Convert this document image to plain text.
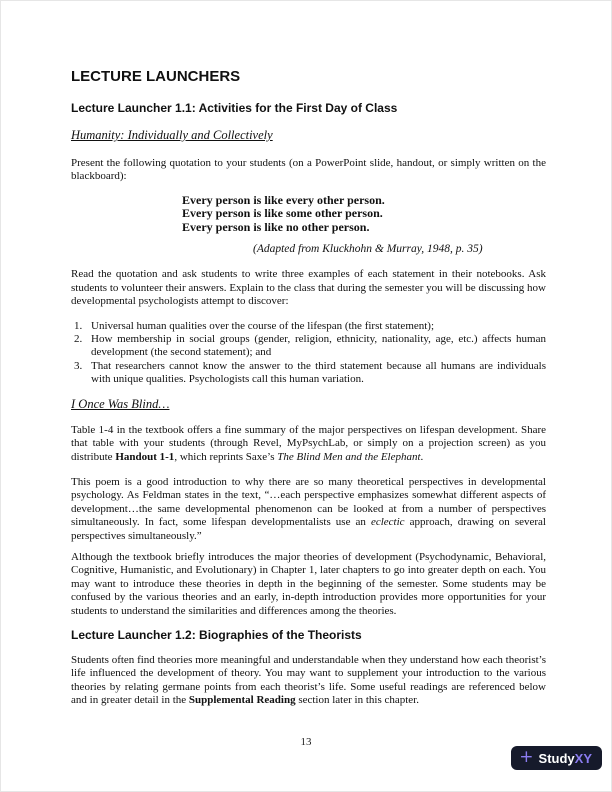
LECTURE LAUNCHERS
Lecture Launcher 1.1: Activities for the First Day of Class
Humanity: Individually and Collectively
Present the following quotation to your students (on a PowerPoint slide, handout, or simply written on the blackboard):
Every person is like every other person.
Every person is like some other person.
Every person is like no other person.
(Adapted from Kluckhohn & Murray, 1948, p. 35)
Read the quotation and ask students to write three examples of each statement in their notebooks. Ask students to volunteer their answers. Explain to the class that during the semester you will be discussing how developmental psychologists attempt to discover:
1. Universal human qualities over the course of the lifespan (the first statement);
2. How membership in social groups (gender, religion, ethnicity, nationality, age, etc.) affects human development (the second statement); and
3. That researchers cannot know the answer to the third statement because all humans are individuals with unique qualities. Psychologists call this human variation.
I Once Was Blind…
Table 1-4 in the textbook offers a fine summary of the major perspectives on lifespan development. Share that table with your students (through Revel, MyPsychLab, or simply on a projection screen) as you distribute Handout 1-1, which reprints Saxe’s The Blind Men and the Elephant.
This poem is a good introduction to why there are so many theoretical perspectives in developmental psychology. As Feldman states in the text, “…each perspective emphasizes somewhat different aspects of development…the same developmental phenomenon can be looked at from a number of perspectives simultaneously. In fact, some lifespan developmentalists use an eclectic approach, drawing on several perspectives simultaneously.”
Although the textbook briefly introduces the major theories of development (Psychodynamic, Behavioral, Cognitive, Humanistic, and Evolutionary) in Chapter 1, later chapters to go into greater depth on each. You may want to introduce these theories in depth in the beginning of the semester. Some students may be confused by the various theories and an early, in-depth introduction provides more opportunities for your students to understand the similarities and differences among the theories.
Lecture Launcher 1.2: Biographies of the Theorists
Students often find theories more meaningful and understandable when they understand how each theorist’s life influenced the development of theory. You may want to supplement your introduction to the various theories by relating germane points from each theorist’s life. Some useful readings are referenced below and in greater detail in the Supplemental Reading section later in this chapter.
13
+ StudyXY
